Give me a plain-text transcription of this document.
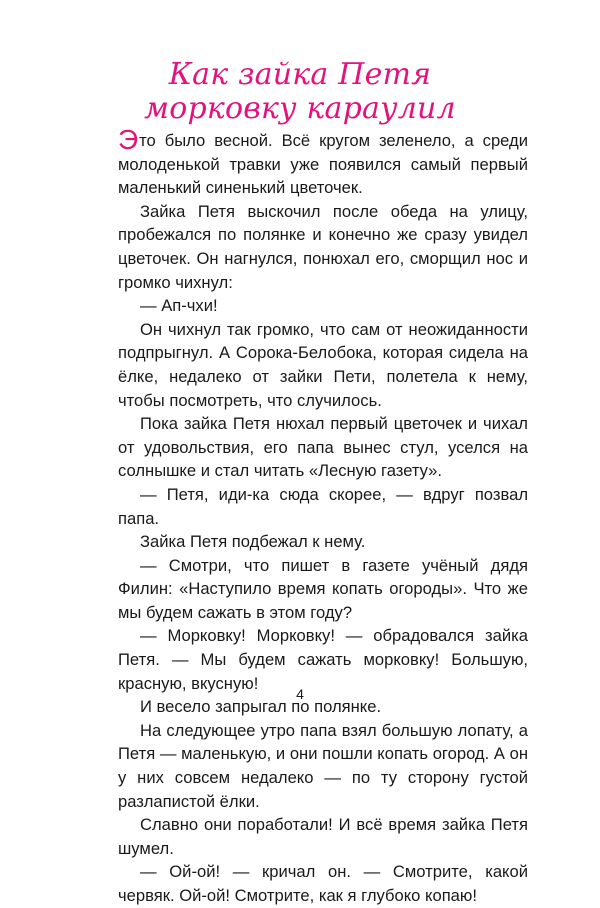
Как зайка Петя
морковку караулил

Это было весной. Всё кругом зеленело, а среди молоденькой травки уже появился самый первый маленький синенький цветочек.

Зайка Петя выскочил после обеда на улицу, пробежался по полянке и конечно же сразу увидел цветочек. Он нагнулся, понюхал его, сморщил нос и громко чихнул:

— Ап-чхи!

Он чихнул так громко, что сам от неожиданности подпрыгнул. А Сорока-Белобока, которая сидела на ёлке, недалеко от зайки Пети, полетела к нему, чтобы посмотреть, что случилось.

Пока зайка Петя нюхал первый цветочек и чихал от удовольствия, его папа вынес стул, уселся на солнышке и стал читать «Лесную газету».

— Петя, иди-ка сюда скорее, — вдруг позвал папа.

Зайка Петя подбежал к нему.

— Смотри, что пишет в газете учёный дядя Филин: «Наступило время копать огороды». Что же мы будем сажать в этом году?

— Морковку! Морковку! — обрадовался зайка Петя. — Мы будем сажать морковку! Большую, красную, вкусную!

И весело запрыгал по полянке.

На следующее утро папа взял большую лопату, а Петя — маленькую, и они пошли копать огород. А он у них совсем недалеко — по ту сторону густой разлапистой ёлки.

Славно они поработали! И всё время зайка Петя шумел.

— Ой-ой! — кричал он. — Смотрите, какой червяк. Ой-ой! Смотрите, как я глубоко копаю!

4
